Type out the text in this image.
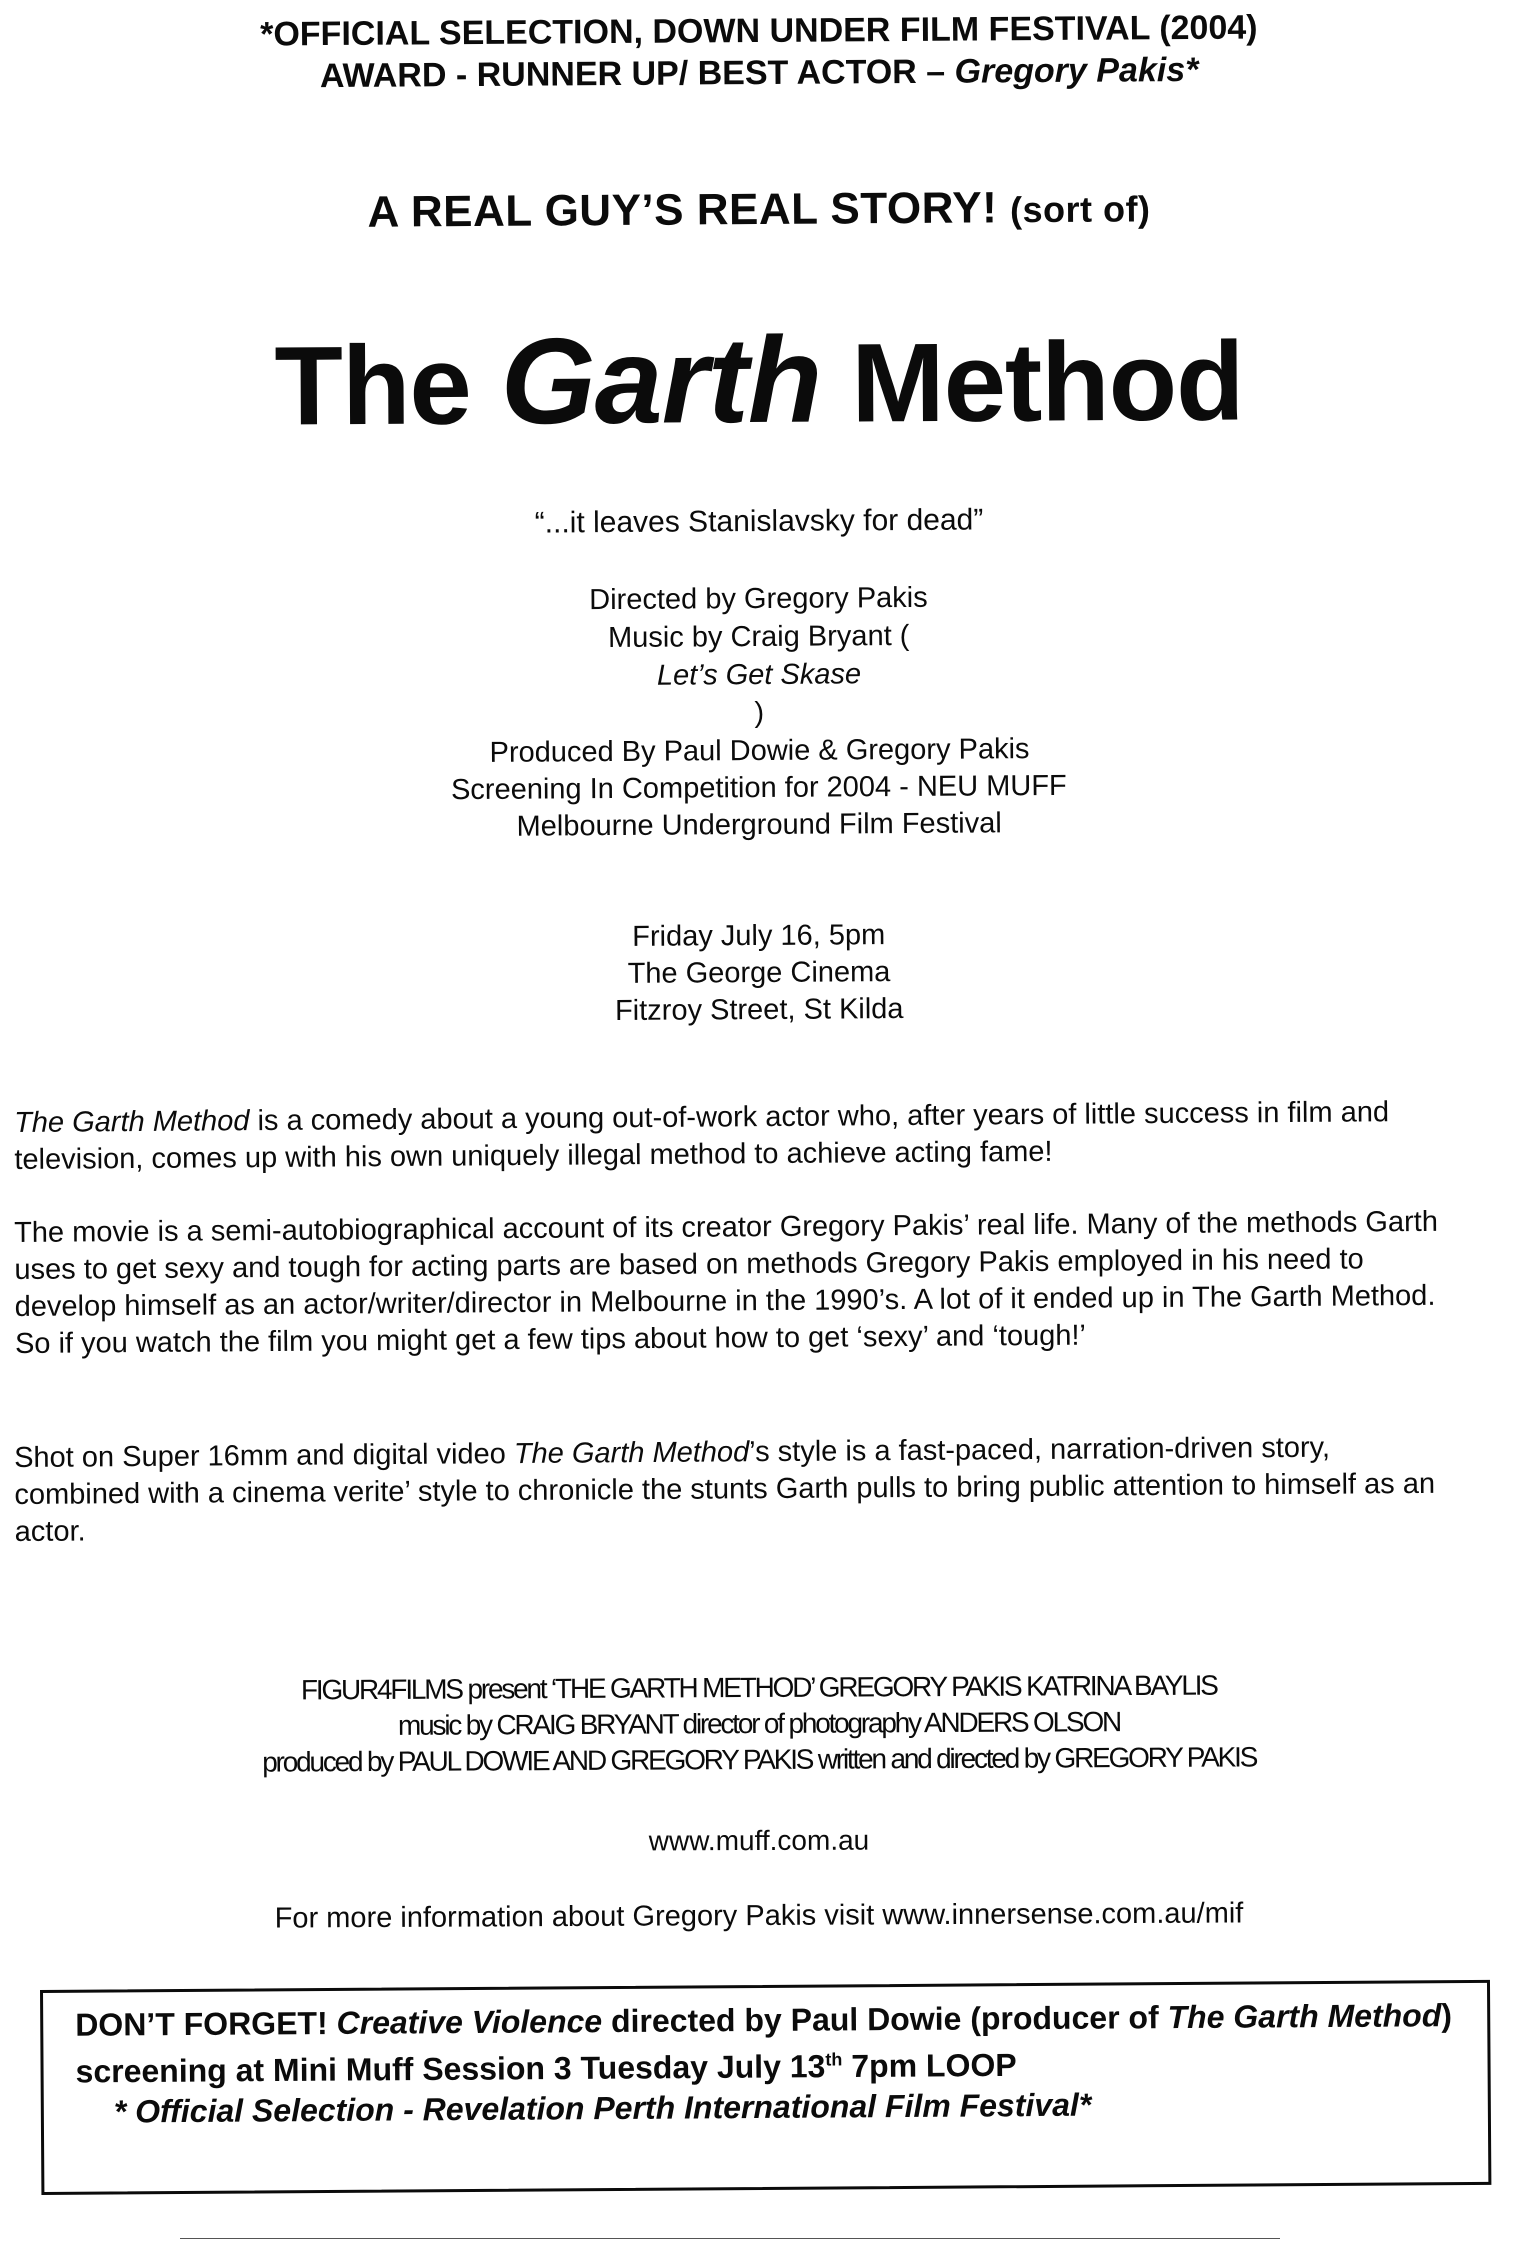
*OFFICIAL SELECTION, DOWN UNDER FILM FESTIVAL (2004)
AWARD - RUNNER UP/ BEST ACTOR – Gregory Pakis*
A REAL GUY’S REAL STORY! (sort of)
The Garth Method
“...it leaves Stanislavsky for dead”
Directed by Gregory Pakis
Music by Craig Bryant (
Let’s Get Skase
)
Produced By Paul Dowie & Gregory Pakis
Screening In Competition for 2004 - NEU MUFF
Melbourne Underground Film Festival
Friday July 16, 5pm
The George Cinema
Fitzroy Street, St Kilda
The Garth Method is a comedy about a young out-of-work actor who, after years of little success in film and television, comes up with his own uniquely illegal method to achieve acting fame!
The movie is a semi-autobiographical account of its creator Gregory Pakis’ real life. Many of the methods Garth uses to get sexy and tough for acting parts are based on methods Gregory Pakis employed in his need to develop himself as an actor/writer/director in Melbourne in the 1990’s. A lot of it ended up in The Garth Method. So if you watch the film you might get a few tips about how to get ‘sexy’ and ‘tough!’
Shot on Super 16mm and digital video The Garth Method’s style is a fast-paced, narration-driven story, combined with a cinema verite’ style to chronicle the stunts Garth pulls to bring public attention to himself as an actor.
FIGUR4FILMS present ‘THE GARTH METHOD’ GREGORY PAKIS KATRINA BAYLIS
music by CRAIG BRYANT director of photography ANDERS OLSON
produced by PAUL DOWIE AND GREGORY PAKIS written and directed by GREGORY PAKIS
www.muff.com.au
For more information about Gregory Pakis visit www.innersense.com.au/mif
DON’T FORGET! Creative Violence directed by Paul Dowie (producer of The Garth Method) screening at Mini Muff Session 3 Tuesday July 13th 7pm LOOP
* Official Selection - Revelation Perth International Film Festival*
